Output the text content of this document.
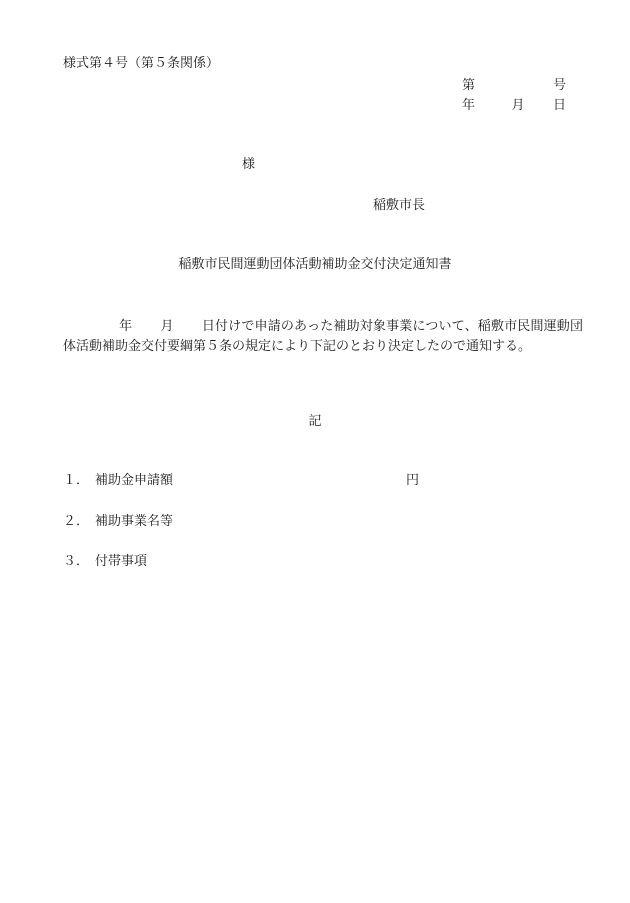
様式第４号（第５条関係）
第	号
年	月 日
様
稲敷市長
稲敷市民間運動団体活動補助金交付決定通知書
年 月 日付けで申請のあった補助対象事業について、稲敷市民間運動団体活動補助金交付要綱第５条の規定により下記のとおり決定したので通知する。
記
１． 補助金申請額	円
２． 補助事業名等
３． 付帯事項
